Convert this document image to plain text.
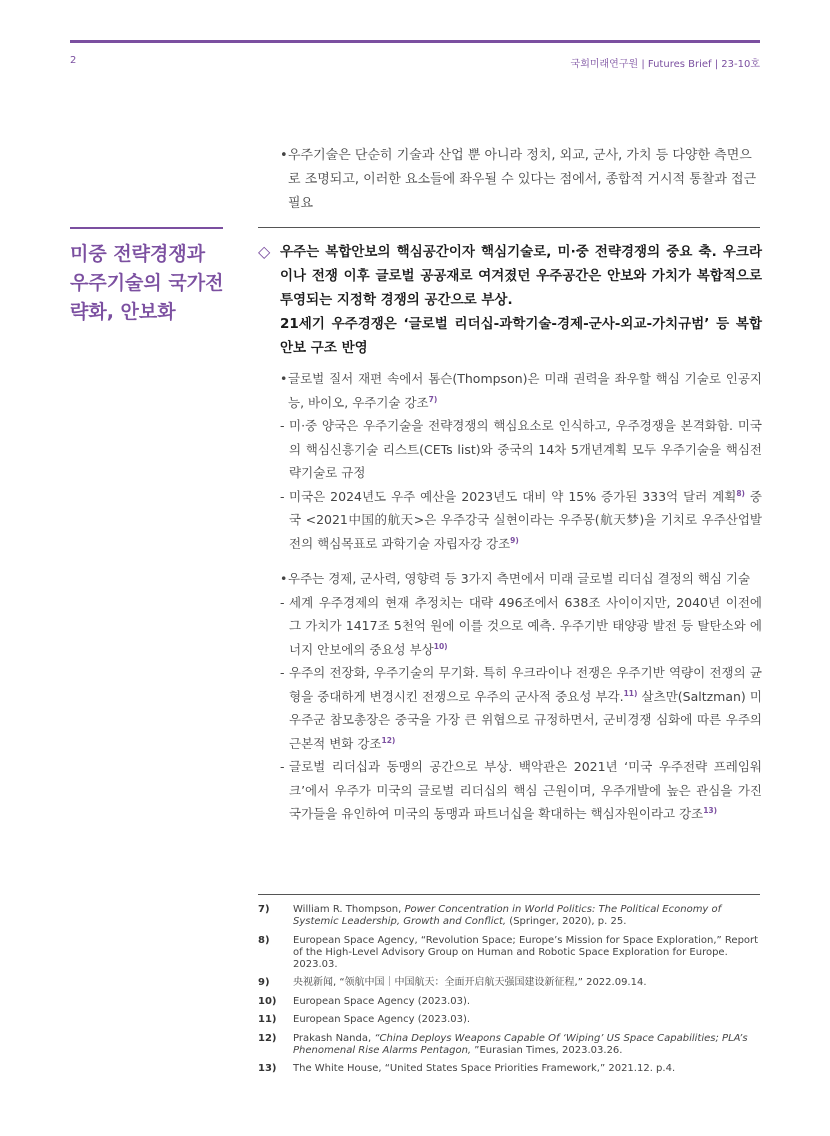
2	국회미래연구원 | Futures Brief | 23-10호
• 우주기술은 단순히 기술과 산업 뿐 아니라 정치, 외교, 군사, 가치 등 다양한 측면으로 조명되고, 이러한 요소들에 좌우될 수 있다는 점에서, 종합적 거시적 통찰과 접근 필요
미중 전략경쟁과 우주기술의 국가전략화, 안보화
◇ 우주는 복합안보의 핵심공간이자 핵심기술로, 미·중 전략경쟁의 중요 축. 우크라이나 전쟁 이후 글로벌 공공재로 여겨졌던 우주공간은 안보와 가치가 복합적으로 투영되는 지정학 경쟁의 공간으로 부상.
21세기 우주경쟁은 ‘글로벌 리더십-과학기술-경제-군사-외교-가치규범’ 등 복합안보 구조 반영
• 글로벌 질서 재편 속에서 톰슨(Thompson)은 미래 권력을 좌우할 핵심 기술로 인공지능, 바이오, 우주기술 강조$^{7)}$
- 미·중 양국은 우주기술을 전략경쟁의 핵심요소로 인식하고, 우주경쟁을 본격화함. 미국의 핵심신흥기술 리스트(CETs list)와 중국의 14차 5개년계획 모두 우주기술을 핵심전략기술로 규정
- 미국은 2024년도 우주 예산을 2023년도 대비 약 15% 증가된 333억 달러 계획$^{8)}$ 중국 <2021中国的航天>은 우주강국 실현이라는 우주몽(航天梦)을 기치로 우주산업발전의 핵심목표로 과학기술 자립자강 강조$^{9)}$
• 우주는 경제, 군사력, 영향력 등 3가지 측면에서 미래 글로벌 리더십 결정의 핵심 기술
- 세계 우주경제의 현재 추정치는 대략 496조에서 638조 사이이지만, 2040년 이전에 그 가치가 1417조 5천억 원에 이를 것으로 예측. 우주기반 태양광 발전 등 탈탄소와 에너지 안보에의 중요성 부상$^{10)}$
- 우주의 전장화, 우주기술의 무기화. 특히 우크라이나 전쟁은 우주기반 역량이 전쟁의 균형을 중대하게 변경시킨 전쟁으로 우주의 군사적 중요성 부각.$^{11)}$ 살츠만(Saltzman) 미 우주군 참모총장은 중국을 가장 큰 위협으로 규정하면서, 군비경쟁 심화에 따른 우주의 근본적 변화 강조$^{12)}$
- 글로벌 리더십과 동맹의 공간으로 부상. 백악관은 2021년 ‘미국 우주전략 프레임워크’에서 우주가 미국의 글로벌 리더십의 핵심 근원이며, 우주개발에 높은 관심을 가진 국가들을 유인하여 미국의 동맹과 파트너십을 확대하는 핵심자원이라고 강조$^{13)}$
7)	William R. Thompson, Power Concentration in World Politics: The Political Economy of Systemic Leadership, Growth and Conflict, (Springer, 2020), p. 25.
8)	European Space Agency, “Revolution Space; Europe’s Mission for Space Exploration,” Report of the High-Level Advisory Group on Human and Robotic Space Exploration for Europe. 2023.03.
9)	央视新闻, “领航中国｜中国航天：全面开启航天强国建设新征程,” 2022.09.14.
10)	European Space Agency (2023.03).
11)	European Space Agency (2023.03).
12)	Prakash Nanda, “China Deploys Weapons Capable Of ‘Wiping’ US Space Capabilities; PLA’s Phenomenal Rise Alarms Pentagon, ”Eurasian Times, 2023.03.26.
13)	The White House, “United States Space Priorities Framework,” 2021.12. p.4.
